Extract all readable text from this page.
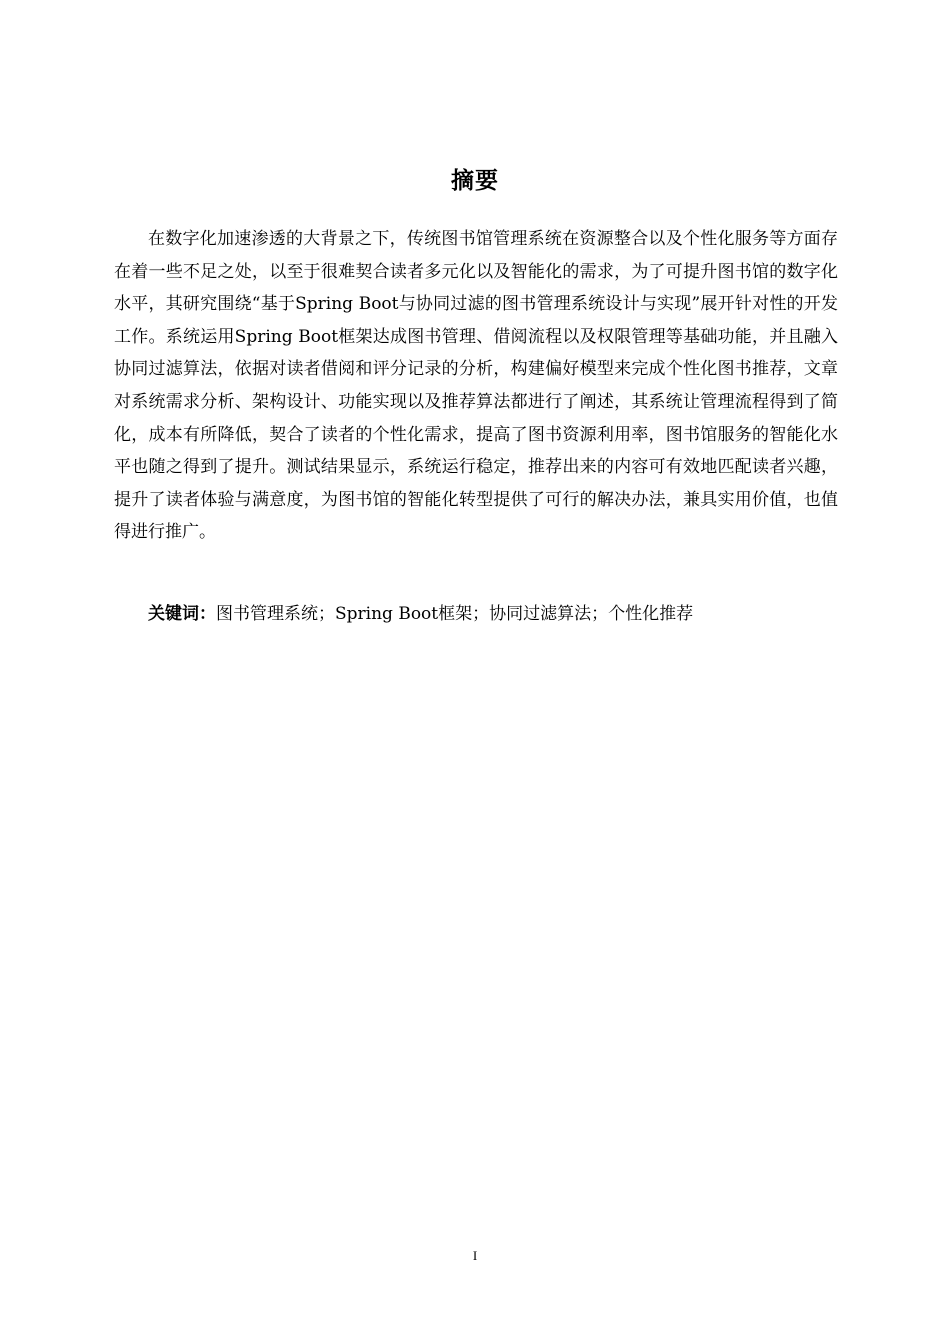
摘要

在数字化加速渗透的大背景之下，传统图书馆管理系统在资源整合以及个性化服务等方面存在着一些不足之处，以至于很难契合读者多元化以及智能化的需求，为了可提升图书馆的数字化水平，其研究围绕“基于Spring Boot与协同过滤的图书管理系统设计与实现”展开针对性的开发工作。系统运用Spring Boot框架达成图书管理、借阅流程以及权限管理等基础功能，并且融入协同过滤算法，依据对读者借阅和评分记录的分析，构建偏好模型来完成个性化图书推荐，文章对系统需求分析、架构设计、功能实现以及推荐算法都进行了阐述，其系统让管理流程得到了简化，成本有所降低，契合了读者的个性化需求，提高了图书资源利用率，图书馆服务的智能化水平也随之得到了提升。测试结果显示，系统运行稳定，推荐出来的内容可有效地匹配读者兴趣，提升了读者体验与满意度，为图书馆的智能化转型提供了可行的解决办法，兼具实用价值，也值得进行推广。

关键词：图书管理系统；Spring Boot框架；协同过滤算法；个性化推荐
I
